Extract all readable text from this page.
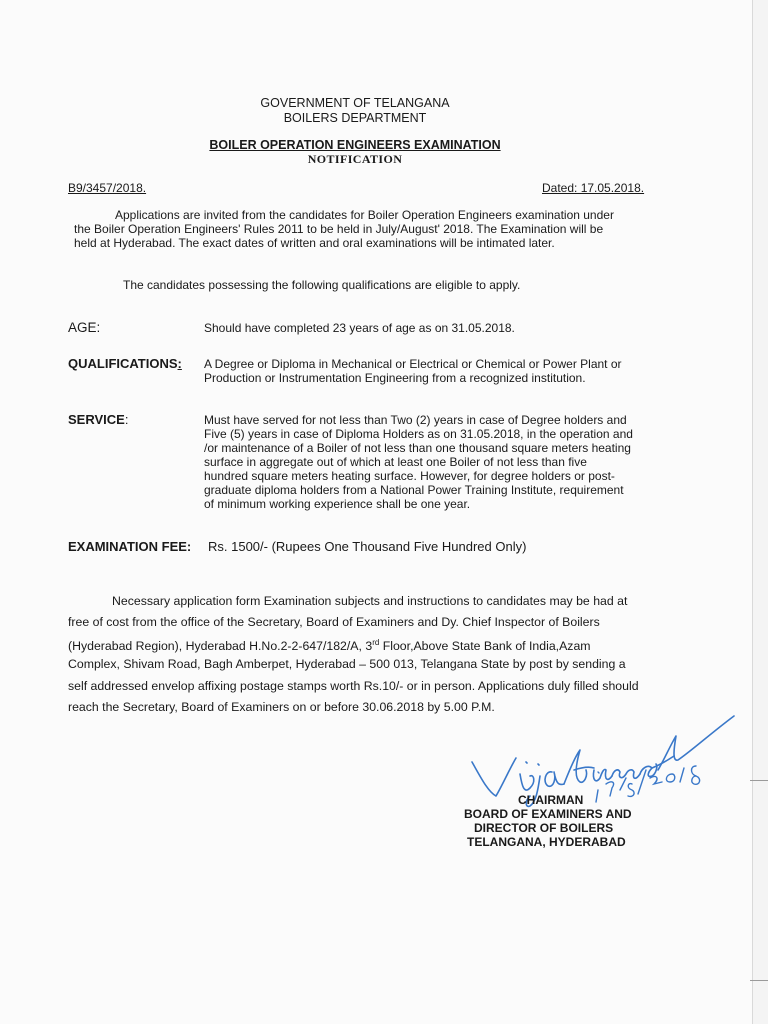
GOVERNMENT OF TELANGANA
BOILERS DEPARTMENT
BOILER OPERATION ENGINEERS EXAMINATION
NOTIFICATION
B9/3457/2018.	Dated: 17.05.2018.
Applications are invited from the candidates for Boiler Operation Engineers examination under
the Boiler Operation Engineers' Rules 2011 to be held in July/August' 2018. The Examination will be
held at Hyderabad. The exact dates of written and oral examinations will be intimated later.
The candidates possessing the following qualifications are eligible to apply.
AGE:	Should have completed 23 years of age as on 31.05.2018.
QUALIFICATIONS: A Degree or Diploma in Mechanical or Electrical or Chemical or Power Plant or
Production or Instrumentation Engineering from a recognized institution.
SERVICE:	Must have served for not less than Two (2) years in case of Degree holders and
Five (5) years in case of Diploma Holders as on 31.05.2018, in the operation and
/or maintenance of a Boiler of not less than one thousand square meters heating
surface in aggregate out of which at least one Boiler of not less than five
hundred square meters heating surface. However, for degree holders or post-
graduate diploma holders from a National Power Training Institute, requirement
of minimum working experience shall be one year.
EXAMINATION FEE: Rs. 1500/- (Rupees One Thousand Five Hundred Only)
Necessary application form Examination subjects and instructions to candidates may be had at
free of cost from the office of the Secretary, Board of Examiners and Dy. Chief Inspector of Boilers
(Hyderabad Region), Hyderabad H.No.2-2-647/182/A, 3rd Floor,Above State Bank of India,Azam
Complex, Shivam Road, Bagh Amberpet, Hyderabad – 500 013, Telangana State by post by sending a
self addressed envelop affixing postage stamps worth Rs.10/- or in person. Applications duly filled should
reach the Secretary, Board of Examiners on or before 30.06.2018 by 5.00 P.M.
CHAIRMAN
BOARD OF EXAMINERS AND
DIRECTOR OF BOILERS
TELANGANA, HYDERABAD
